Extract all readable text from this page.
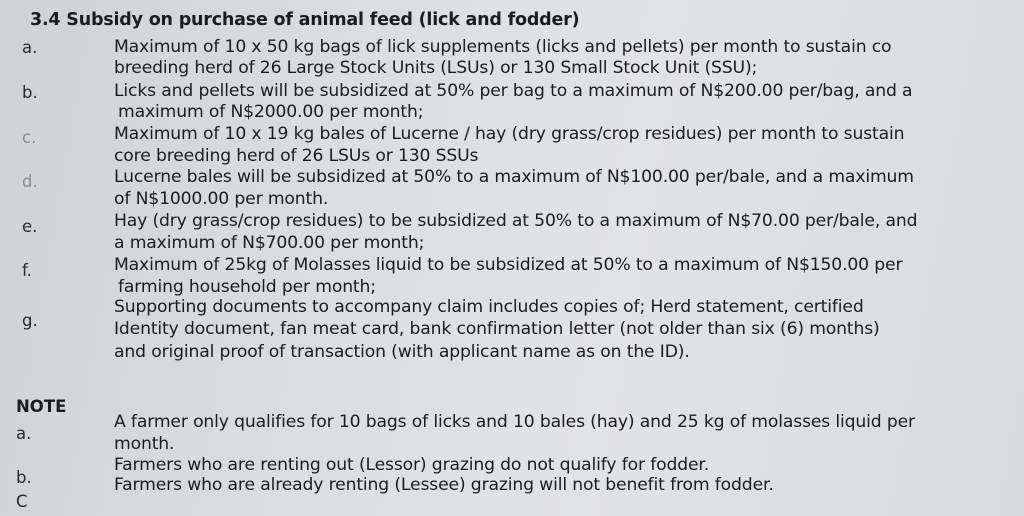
3.4 Subsidy on purchase of animal feed (lick and fodder)
a.	Maximum of 10 x 50 kg bags of lick supplements (licks and pellets) per month to sustain co
breeding herd of 26 Large Stock Units (LSUs) or 130 Small Stock Unit (SSU);
b.	Licks and pellets will be subsidized at 50% per bag to a maximum of N$200.00 per/bag, and a
maximum of N$2000.00 per month;
c.	Maximum of 10 x 19 kg bales of Lucerne / hay (dry grass/crop residues) per month to sustain
core breeding herd of 26 LSUs or 130 SSUs
d.	Lucerne bales will be subsidized at 50% to a maximum of N$100.00 per/bale, and a maximum
of N$1000.00 per month.
e.	Hay (dry grass/crop residues) to be subsidized at 50% to a maximum of N$70.00 per/bale, and
a maximum of N$700.00 per month;
f.	Maximum of 25kg of Molasses liquid to be subsidized at 50% to a maximum of N$150.00 per
farming household per month;
g.
Supporting documents to accompany claim includes copies of; Herd statement, certified
Identity document, fan meat card, bank confirmation letter (not older than six (6) months)
and original proof of transaction (with applicant name as on the ID).
NOTE
a.
A farmer only qualifies for 10 bags of licks and 10 bales (hay) and 25 kg of molasses liquid per
month.
b.
Farmers who are renting out (Lessor) grazing do not qualify for fodder.
C
Farmers who are already renting (Lessee) grazing will not benefit from fodder.
